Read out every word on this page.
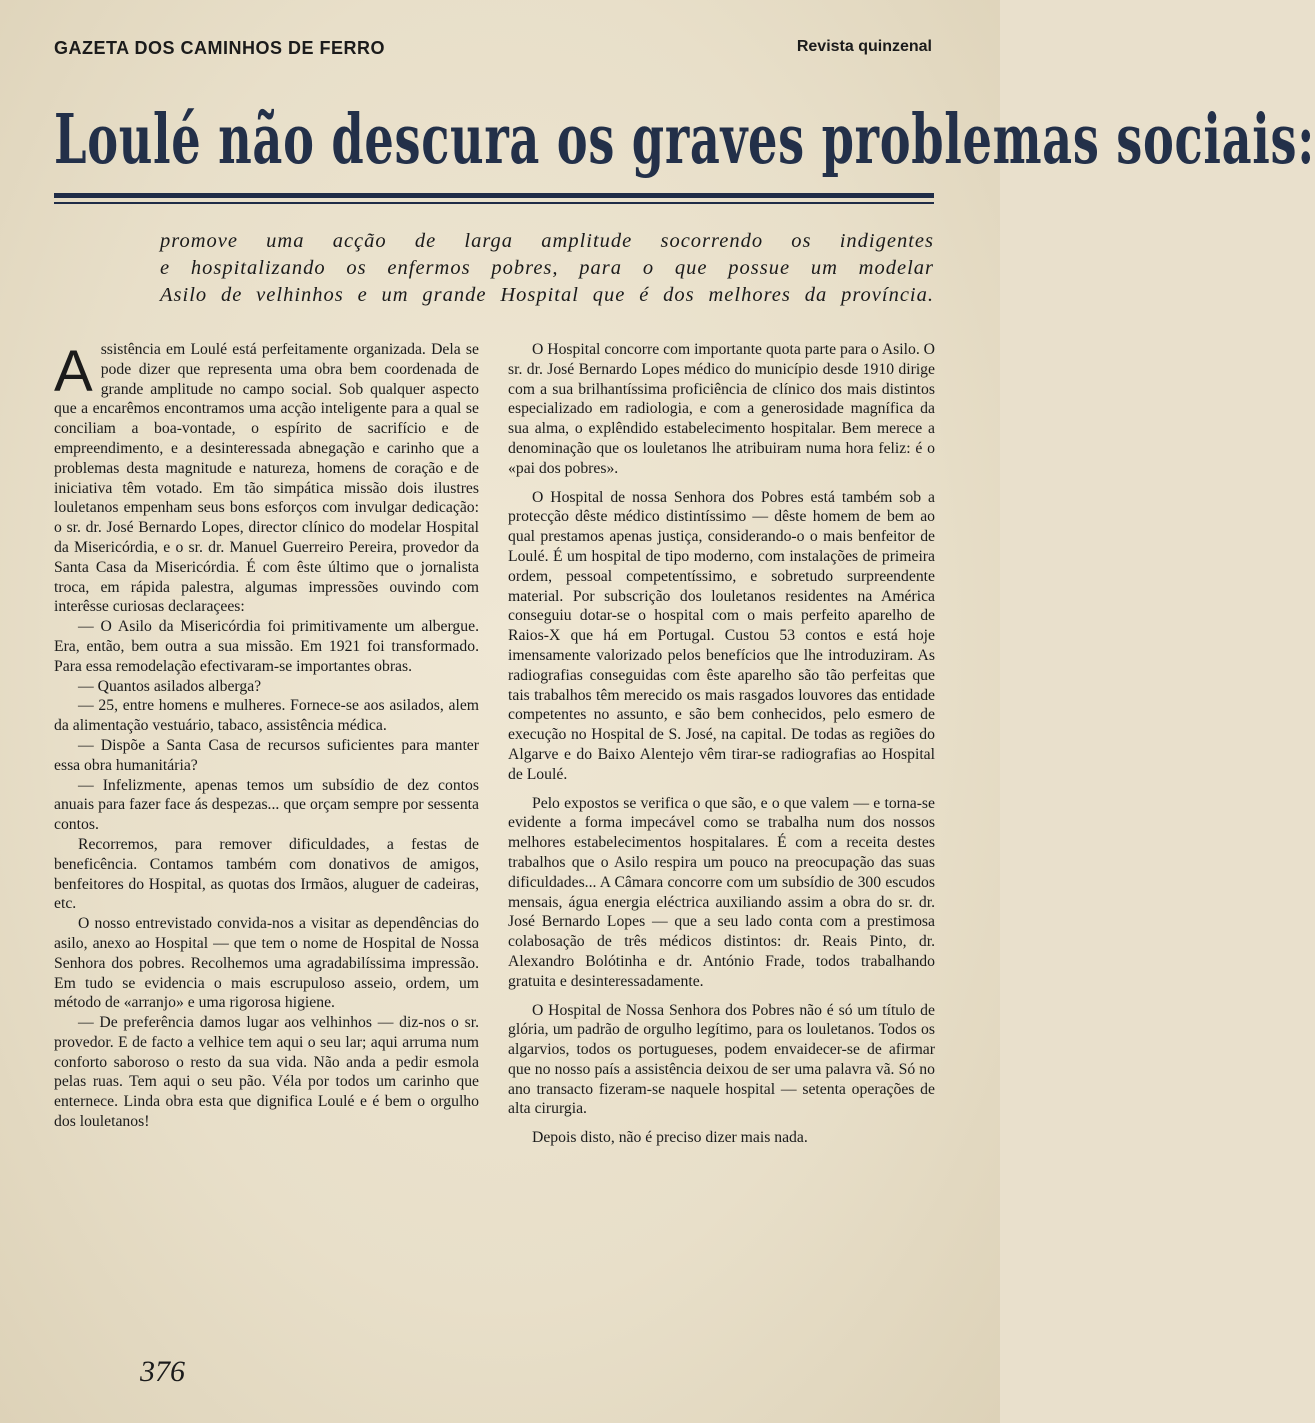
GAZETA DOS CAMINHOS DE FERRO	Revista quinzenal
Loulé não descura os graves problemas sociais:
promove uma acção de larga amplitude socorrendo os indigentes
e hospitalizando os enfermos pobres, para o que possue um modelar
Asilo de velhinhos e um grande Hospital que é dos melhores da província.

Assistência em Loulé está perfeitamente organizada. Dela se pode dizer que representa uma obra bem coordenada de grande amplitude no campo social. Sob qualquer aspecto que a encarêmos encontramos uma acção inteligente para a qual se conciliam a boa-vontade, o espírito de sacrifício e de empreendimento, e a desinteressada abnegação e carinho que a problemas desta magnitude e natureza, homens de coração e de iniciativa têm votado. Em tão simpática missão dois ilustres louletanos empenham seus bons esforços com invulgar dedicação: o sr. dr. José Bernardo Lopes, director clínico do modelar Hospital da Misericórdia, e o sr. dr. Manuel Guerreiro Pereira, provedor da Santa Casa da Misericórdia. É com êste último que o jornalista troca, em rápida palestra, algumas impressões ouvindo com interêsse curiosas declaraçees:

— O Asilo da Misericórdia foi primitivamente um albergue. Era, então, bem outra a sua missão. Em 1921 foi transformado. Para essa remodelação efectivaram-se importantes obras.

— Quantos asilados alberga?

— 25, entre homens e mulheres. Fornece-se aos asilados, alem da alimentação vestuário, tabaco, assistência médica.

— Dispõe a Santa Casa de recursos suficientes para manter essa obra humanitária?

— Infelizmente, apenas temos um subsídio de dez contos anuais para fazer face ás despezas... que orçam sempre por sessenta contos.

Recorremos, para remover dificuldades, a festas de beneficência. Contamos também com donativos de amigos, benfeitores do Hospital, as quotas dos Irmãos, aluguer de cadeiras, etc.

O nosso entrevistado convida-nos a visitar as dependências do asilo, anexo ao Hospital — que tem o nome de Hospital de Nossa Senhora dos pobres. Recolhemos uma agradabilíssima impressão. Em tudo se evidencia o mais escrupuloso asseio, ordem, um método de «arranjo» e uma rigorosa higiene.

— De preferência damos lugar aos velhinhos — diz-nos o sr. provedor. E de facto a velhice tem aqui o seu lar; aqui arruma num conforto saboroso o resto da sua vida. Não anda a pedir esmola pelas ruas. Tem aqui o seu pão. Véla por todos um carinho que enternece. Linda obra esta que dignifica Loulé e é bem o orgulho dos louletanos!

O Hospital concorre com importante quota parte para o Asilo. O sr. dr. José Bernardo Lopes médico do município desde 1910 dirige com a sua brilhantíssima proficiência de clínico dos mais distintos especializado em radiologia, e com a generosidade magnífica da sua alma, o explêndido estabelecimento hospitalar. Bem merece a denominação que os louletanos lhe atribuiram numa hora feliz: é o «pai dos pobres».

O Hospital de nossa Senhora dos Pobres está também sob a protecção dêste médico distintíssimo — dêste homem de bem ao qual prestamos apenas justiça, considerando-o o mais benfeitor de Loulé. É um hospital de tipo moderno, com instalações de primeira ordem, pessoal competentíssimo, e sobretudo surpreendente material. Por subscrição dos louletanos residentes na América conseguiu dotar-se o hospital com o mais perfeito aparelho de Raios-X que há em Portugal. Custou 53 contos e está hoje imensamente valorizado pelos benefícios que lhe introduziram. As radiografias conseguidas com êste aparelho são tão perfeitas que tais trabalhos têm merecido os mais rasgados louvores das entidade competentes no assunto, e são bem conhecidos, pelo esmero de execução no Hospital de S. José, na capital. De todas as regiões do Algarve e do Baixo Alentejo vêm tirar-se radiografias ao Hospital de Loulé.

Pelo expostos se verifica o que são, e o que valem — e torna-se evidente a forma impecável como se trabalha num dos nossos melhores estabelecimentos hospitalares. É com a receita destes trabalhos que o Asilo respira um pouco na preocupação das suas dificuldades... A Câmara concorre com um subsídio de 300 escudos mensais, água energia eléctrica auxiliando assim a obra do sr. dr. José Bernardo Lopes — que a seu lado conta com a prestimosa colabosação de três médicos distintos: dr. Reais Pinto, dr. Alexandro Bolótinha e dr. António Frade, todos trabalhando gratuita e desinteressadamente.

O Hospital de Nossa Senhora dos Pobres não é só um título de glória, um padrão de orgulho legítimo, para os louletanos. Todos os algarvios, todos os portugueses, podem envaidecer-se de afirmar que no nosso país a assistência deixou de ser uma palavra vã. Só no ano transacto fizeram-se naquele hospital — setenta operações de alta cirurgia.

Depois disto, não é preciso dizer mais nada.

376
